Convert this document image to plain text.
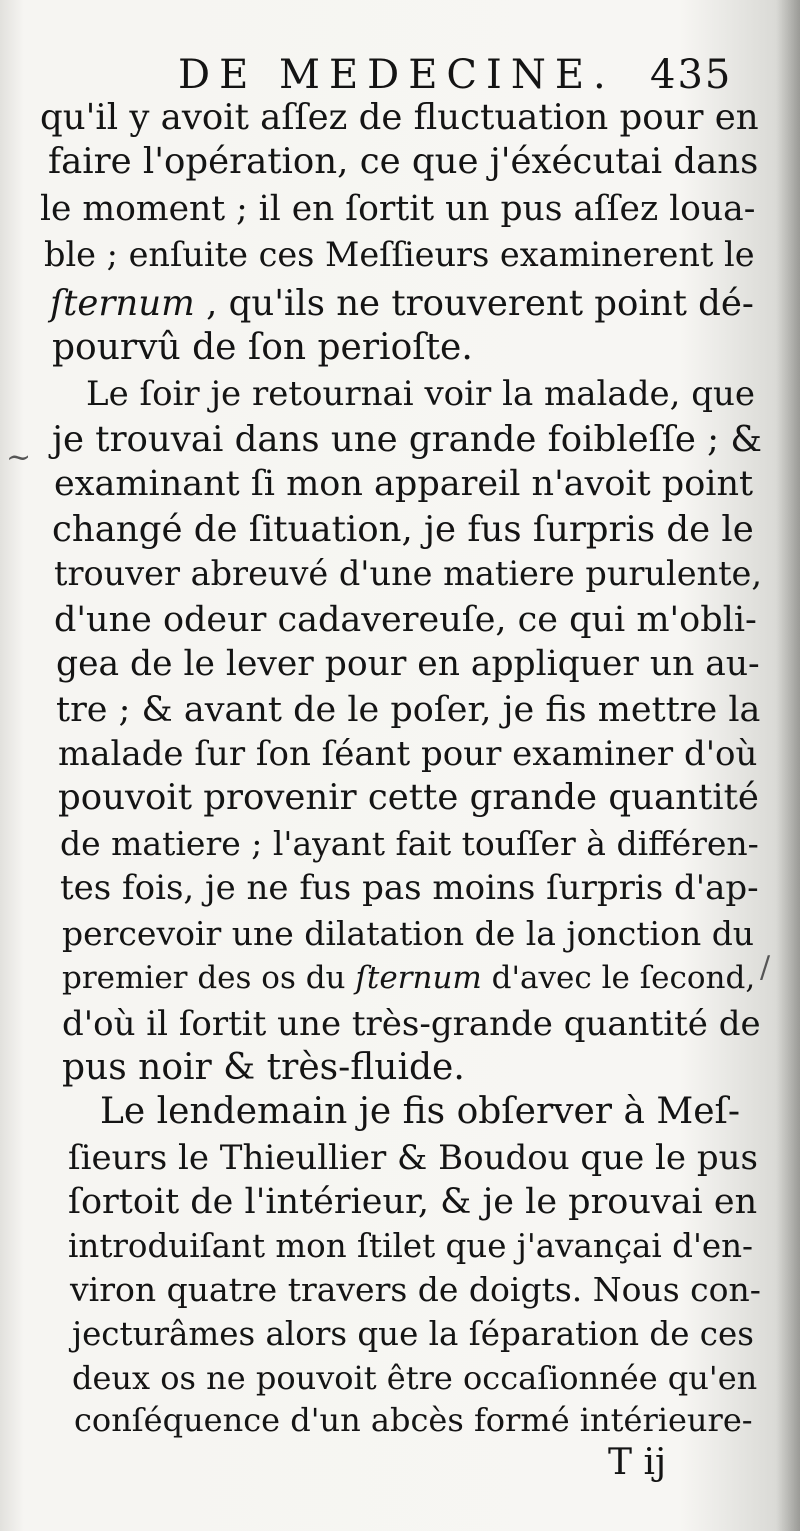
DE MEDECINE. 435
qu'il y avoit aſſez de fluctuation pour en
faire l'opération, ce que j'éxécutai dans
le moment ; il en ſortit un pus aſſez loua-
ble ; enſuite ces Meſſieurs examinerent le
ſternum , qu'ils ne trouverent point dé-
pourvû de ſon perioſte.
Le ſoir je retournai voir la malade, que
je trouvai dans une grande foibleſſe ; &
examinant ſi mon appareil n'avoit point
changé de ſituation, je fus ſurpris de le
trouver abreuvé d'une matiere purulente,
d'une odeur cadavereuſe, ce qui m'obli-
gea de le lever pour en appliquer un au-
tre ; & avant de le poſer, je fis mettre la
malade ſur ſon ſéant pour examiner d'où
pouvoit provenir cette grande quantité
de matiere ; l'ayant fait touſſer à différen-
tes fois, je ne fus pas moins ſurpris d'ap-
percevoir une dilatation de la jonction du
premier des os du ſternum d'avec le ſecond,
d'où il ſortit une très-grande quantité de
pus noir & très-fluide.
Le lendemain je fis obſerver à Meſ-
ſieurs le Thieullier & Boudou que le pus
ſortoit de l'intérieur, & je le prouvai en
introduiſant mon ſtilet que j'avançai d'en-
viron quatre travers de doigts. Nous con-
jecturâmes alors que la ſéparation de ces
deux os ne pouvoit être occaſionnée qu'en
conſéquence d'un abcès formé intérieure-
T ij
~
/
